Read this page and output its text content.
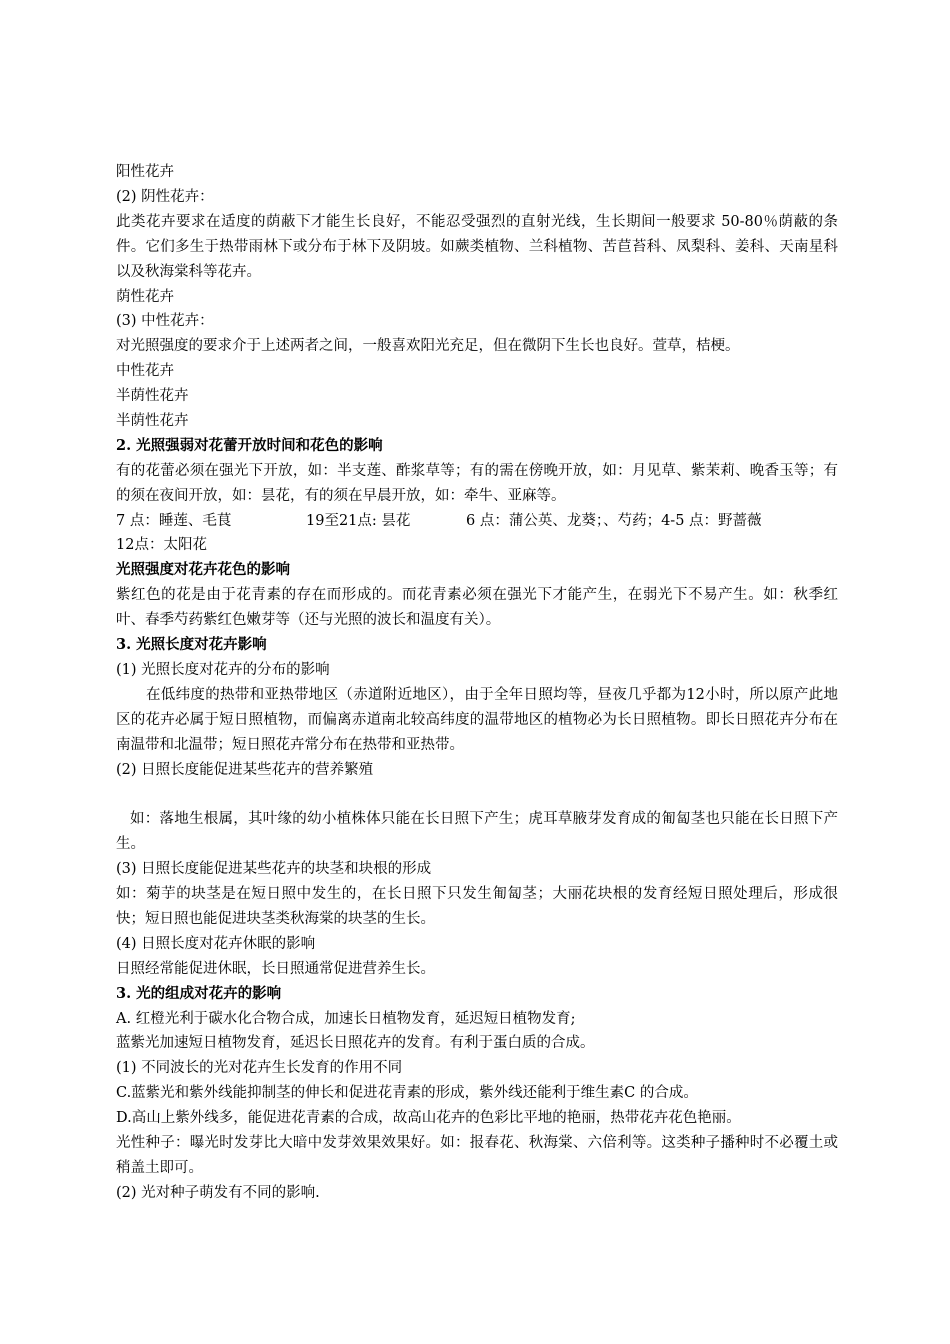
阳性花卉
(2) 阴性花卉：
此类花卉要求在适度的荫蔽下才能生长良好，不能忍受强烈的直射光线，生长期间一般要求 50-80％荫蔽的条件。它们多生于热带雨林下或分布于林下及阴坡。如蕨类植物、兰科植物、苦苣苔科、凤梨科、姜科、天南星科以及秋海棠科等花卉。
荫性花卉
(3) 中性花卉：
对光照强度的要求介于上述两者之间，一般喜欢阳光充足，但在微阴下生长也良好。萱草，桔梗。
中性花卉
半荫性花卉
半荫性花卉
2. 光照强弱对花蕾开放时间和花色的影响
有的花蕾必须在强光下开放，如：半支莲、酢浆草等；有的需在傍晚开放，如：月见草、紫茉莉、晚香玉等；有的须在夜间开放，如：昙花，有的须在早晨开放，如：牵牛、亚麻等。
7 点：睡莲、毛茛	19至21点: 昙花	6 点：蒲公英、龙葵；、芍药；4-5 点：野蔷薇
12点：太阳花
光照强度对花卉花色的影响
紫红色的花是由于花青素的存在而形成的。而花青素必须在强光下才能产生，在弱光下不易产生。如：秋季红叶、春季芍药紫红色嫩芽等（还与光照的波长和温度有关）。
3. 光照长度对花卉影响
(1) 光照长度对花卉的分布的影响
在低纬度的热带和亚热带地区（赤道附近地区），由于全年日照均等，昼夜几乎都为12小时，所以原产此地区的花卉必属于短日照植物，而偏离赤道南北较高纬度的温带地区的植物必为长日照植物。即长日照花卉分布在南温带和北温带；短日照花卉常分布在热带和亚热带。
(2) 日照长度能促进某些花卉的营养繁殖
如：落地生根属，其叶缘的幼小植株体只能在长日照下产生；虎耳草腋芽发育成的匍匐茎也只能在长日照下产生。
(3) 日照长度能促进某些花卉的块茎和块根的形成
如：菊芋的块茎是在短日照中发生的，在长日照下只发生匍匐茎；大丽花块根的发育经短日照处理后，形成很快；短日照也能促进块茎类秋海棠的块茎的生长。
(4) 日照长度对花卉休眠的影响
日照经常能促进休眠，长日照通常促进营养生长。
3. 光的组成对花卉的影响
A. 红橙光利于碳水化合物合成，加速长日植物发育，延迟短日植物发育;
蓝紫光加速短日植物发育，延迟长日照花卉的发育。有利于蛋白质的合成。
(1) 不同波长的光对花卉生长发育的作用不同
C.蓝紫光和紫外线能抑制茎的伸长和促进花青素的形成，紫外线还能利于维生素C 的合成。
D.高山上紫外线多，能促进花青素的合成，故高山花卉的色彩比平地的艳丽，热带花卉花色艳丽。
光性种子：曝光时发芽比大暗中发芽效果效果好。如：报春花、秋海棠、六倍利等。这类种子播种时不必覆土或稍盖土即可。
(2) 光对种子萌发有不同的影响.
